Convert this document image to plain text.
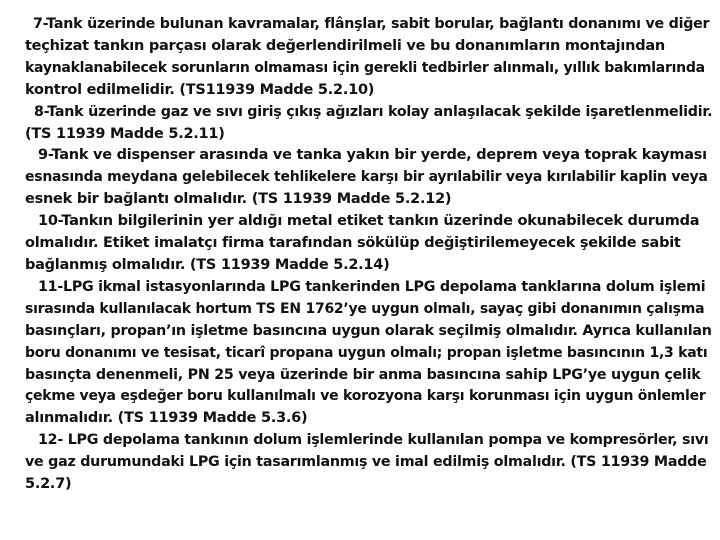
7-Tank üzerinde bulunan kavramalar, flânşlar, sabit borular, bağlantı donanımı ve diğer
teçhizat tankın parçası olarak değerlendirilmeli ve bu donanımların montajından
kaynaklanabilecek sorunların olmaması için gerekli tedbirler alınmalı, yıllık bakımlarında
kontrol edilmelidir. (TS11939 Madde 5.2.10)
8-Tank üzerinde gaz ve sıvı giriş çıkış ağızları kolay anlaşılacak şekilde işaretlenmelidir.
(TS 11939 Madde 5.2.11)
9-Tank ve dispenser arasında ve tanka yakın bir yerde, deprem veya toprak kayması
esnasında meydana gelebilecek tehlikelere karşı bir ayrılabilir veya kırılabilir kaplin veya
esnek bir bağlantı olmalıdır. (TS 11939 Madde 5.2.12)
10-Tankın bilgilerinin yer aldığı metal etiket tankın üzerinde okunabilecek durumda
olmalıdır. Etiket imalatçı firma tarafından sökülüp değiştirilemeyecek şekilde sabit
bağlanmış olmalıdır. (TS 11939 Madde 5.2.14)
11-LPG ikmal istasyonlarında LPG tankerinden LPG depolama tanklarına dolum işlemi
sırasında kullanılacak hortum TS EN 1762’ye uygun olmalı, sayaç gibi donanımın çalışma
basınçları, propan’ın işletme basıncına uygun olarak seçilmiş olmalıdır. Ayrıca kullanılan
boru donanımı ve tesisat, ticarî propana uygun olmalı; propan işletme basıncının 1,3 katı
basınçta denenmeli, PN 25 veya üzerinde bir anma basıncına sahip LPG’ye uygun çelik
çekme veya eşdeğer boru kullanılmalı ve korozyona karşı korunması için uygun önlemler
alınmalıdır. (TS 11939 Madde 5.3.6)
12- LPG depolama tankının dolum işlemlerinde kullanılan pompa ve kompresörler, sıvı
ve gaz durumundaki LPG için tasarımlanmış ve imal edilmiş olmalıdır. (TS 11939 Madde
5.2.7)
